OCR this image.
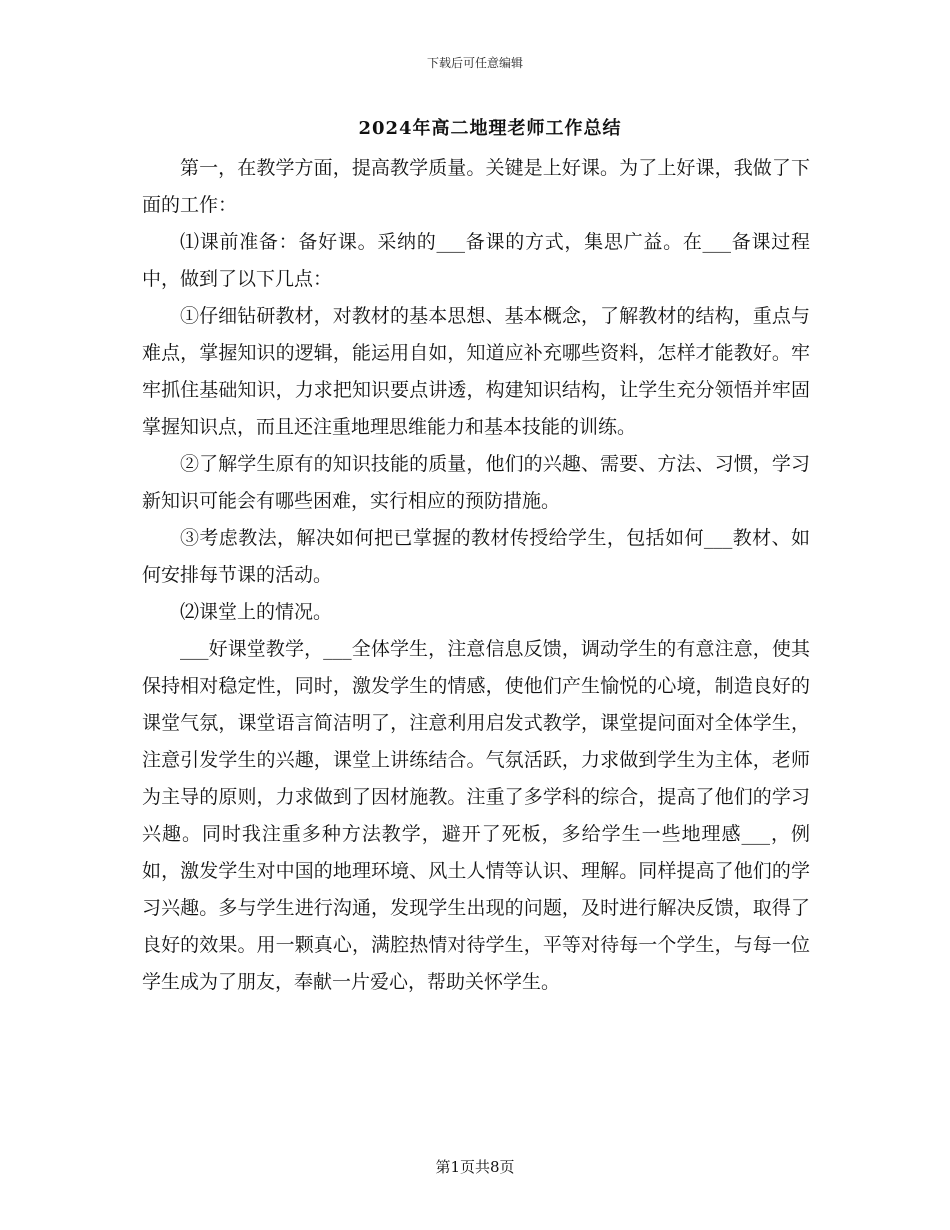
下载后可任意编辑
2024年高二地理老师工作总结

第一，在教学方面，提高教学质量。关键是上好课。为了上好课，我做了下面的工作：

⑴课前准备：备好课。采纳的___备课的方式，集思广益。在___备课过程中，做到了以下几点：

①仔细钻研教材，对教材的基本思想、基本概念，了解教材的结构，重点与难点，掌握知识的逻辑，能运用自如，知道应补充哪些资料，怎样才能教好。牢牢抓住基础知识，力求把知识要点讲透，构建知识结构，让学生充分领悟并牢固掌握知识点，而且还注重地理思维能力和基本技能的训练。

②了解学生原有的知识技能的质量，他们的兴趣、需要、方法、习惯，学习新知识可能会有哪些困难，实行相应的预防措施。

③考虑教法，解决如何把已掌握的教材传授给学生，包括如何___教材、如何安排每节课的活动。

⑵课堂上的情况。

___好课堂教学，___全体学生，注意信息反馈，调动学生的有意注意，使其保持相对稳定性，同时，激发学生的情感，使他们产生愉悦的心境，制造良好的课堂气氛，课堂语言简洁明了，注意利用启发式教学，课堂提问面对全体学生，注意引发学生的兴趣，课堂上讲练结合。气氛活跃，力求做到学生为主体，老师为主导的原则，力求做到了因材施教。注重了多学科的综合，提高了他们的学习兴趣。同时我注重多种方法教学，避开了死板，多给学生一些地理感___，例如，激发学生对中国的地理环境、风土人情等认识、理解。同样提高了他们的学习兴趣。多与学生进行沟通，发现学生出现的问题，及时进行解决反馈，取得了良好的效果。用一颗真心，满腔热情对待学生，平等对待每一个学生，与每一位学生成为了朋友，奉献一片爱心，帮助关怀学生。

第1页共8页
